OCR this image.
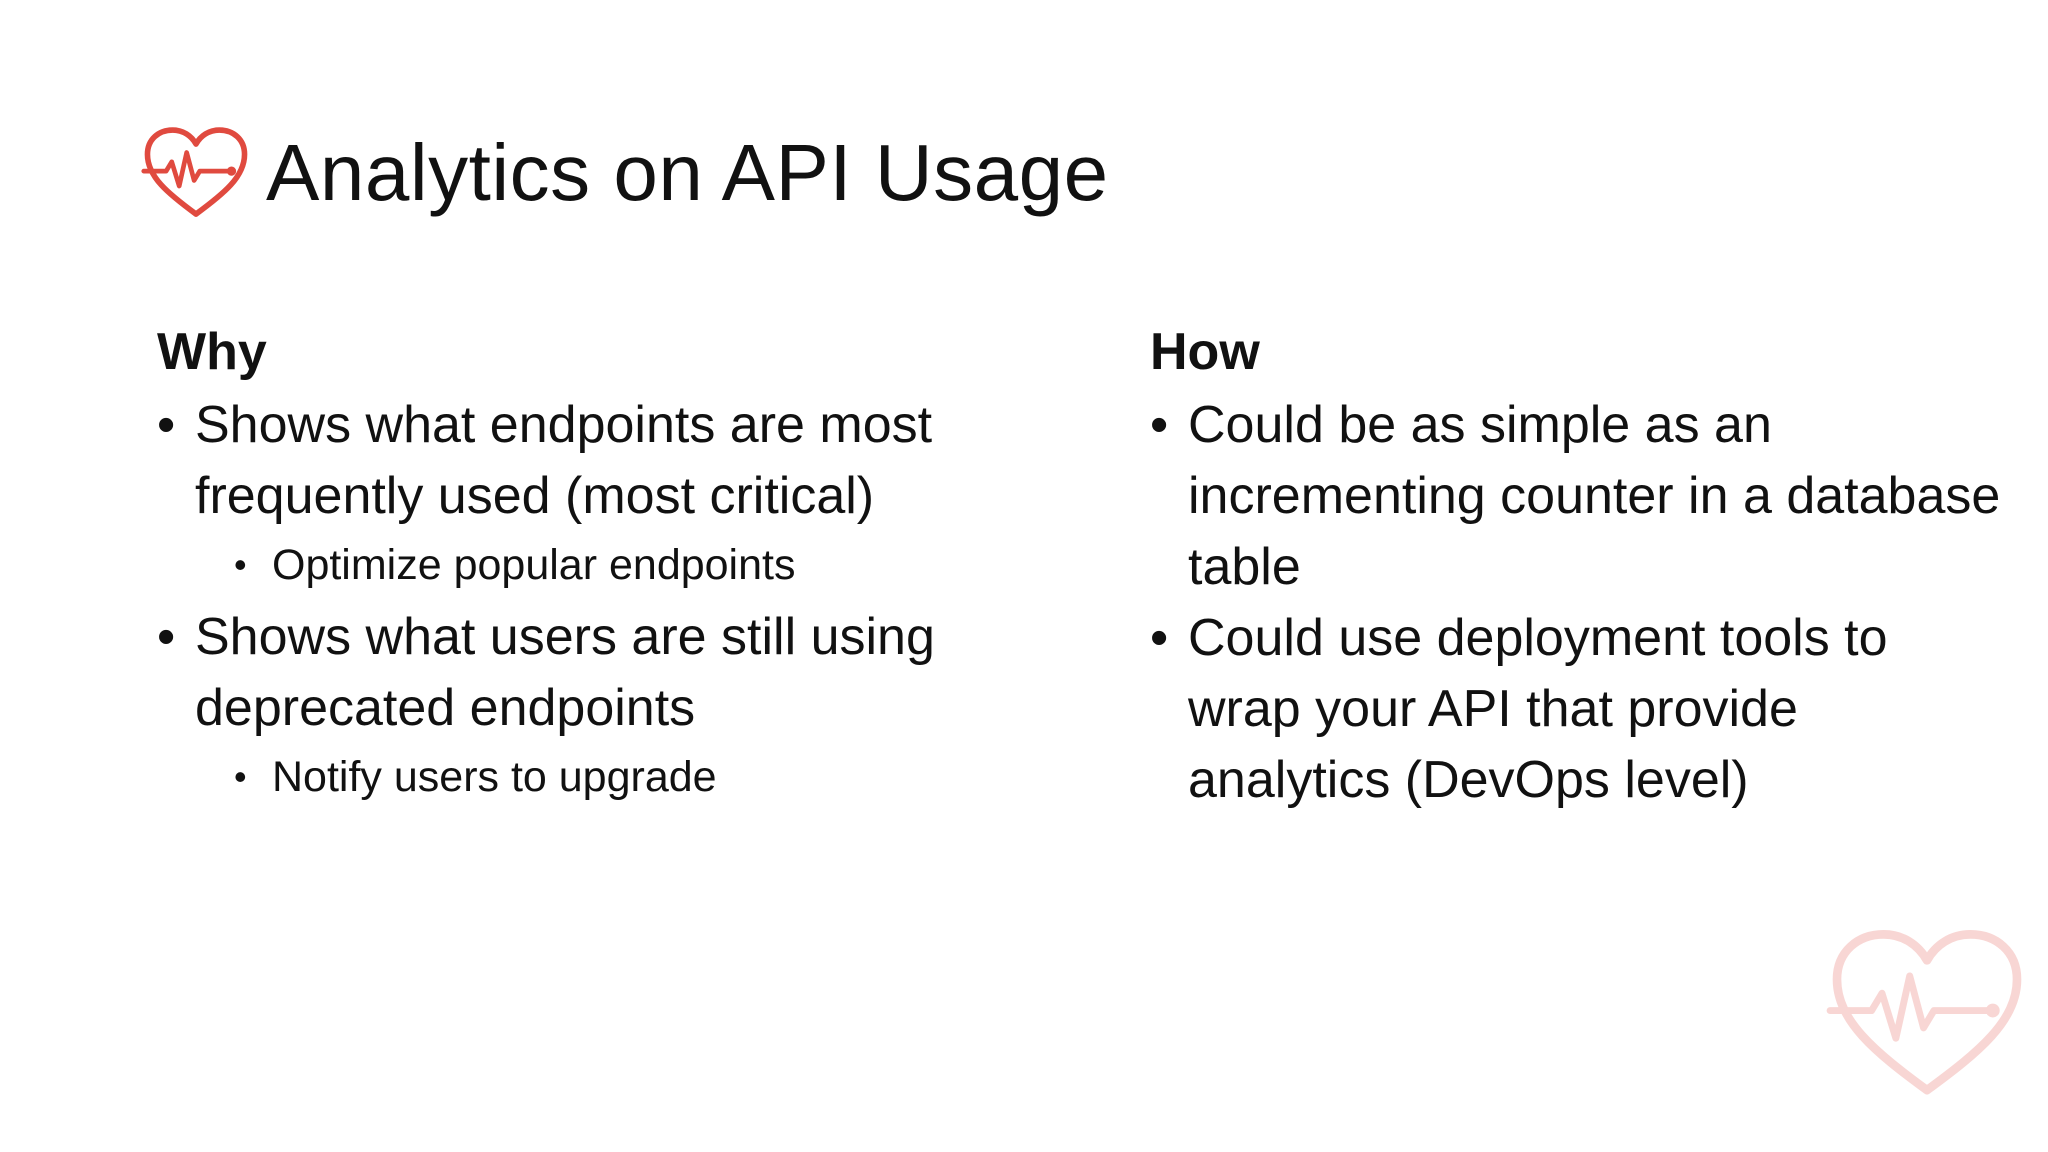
Analytics on API Usage
Why
• Shows what endpoints are most frequently used (most critical)
• Optimize popular endpoints
• Shows what users are still using deprecated endpoints
• Notify users to upgrade
How
• Could be as simple as an incrementing counter in a database table
• Could use deployment tools to wrap your API that provide analytics (DevOps level)
